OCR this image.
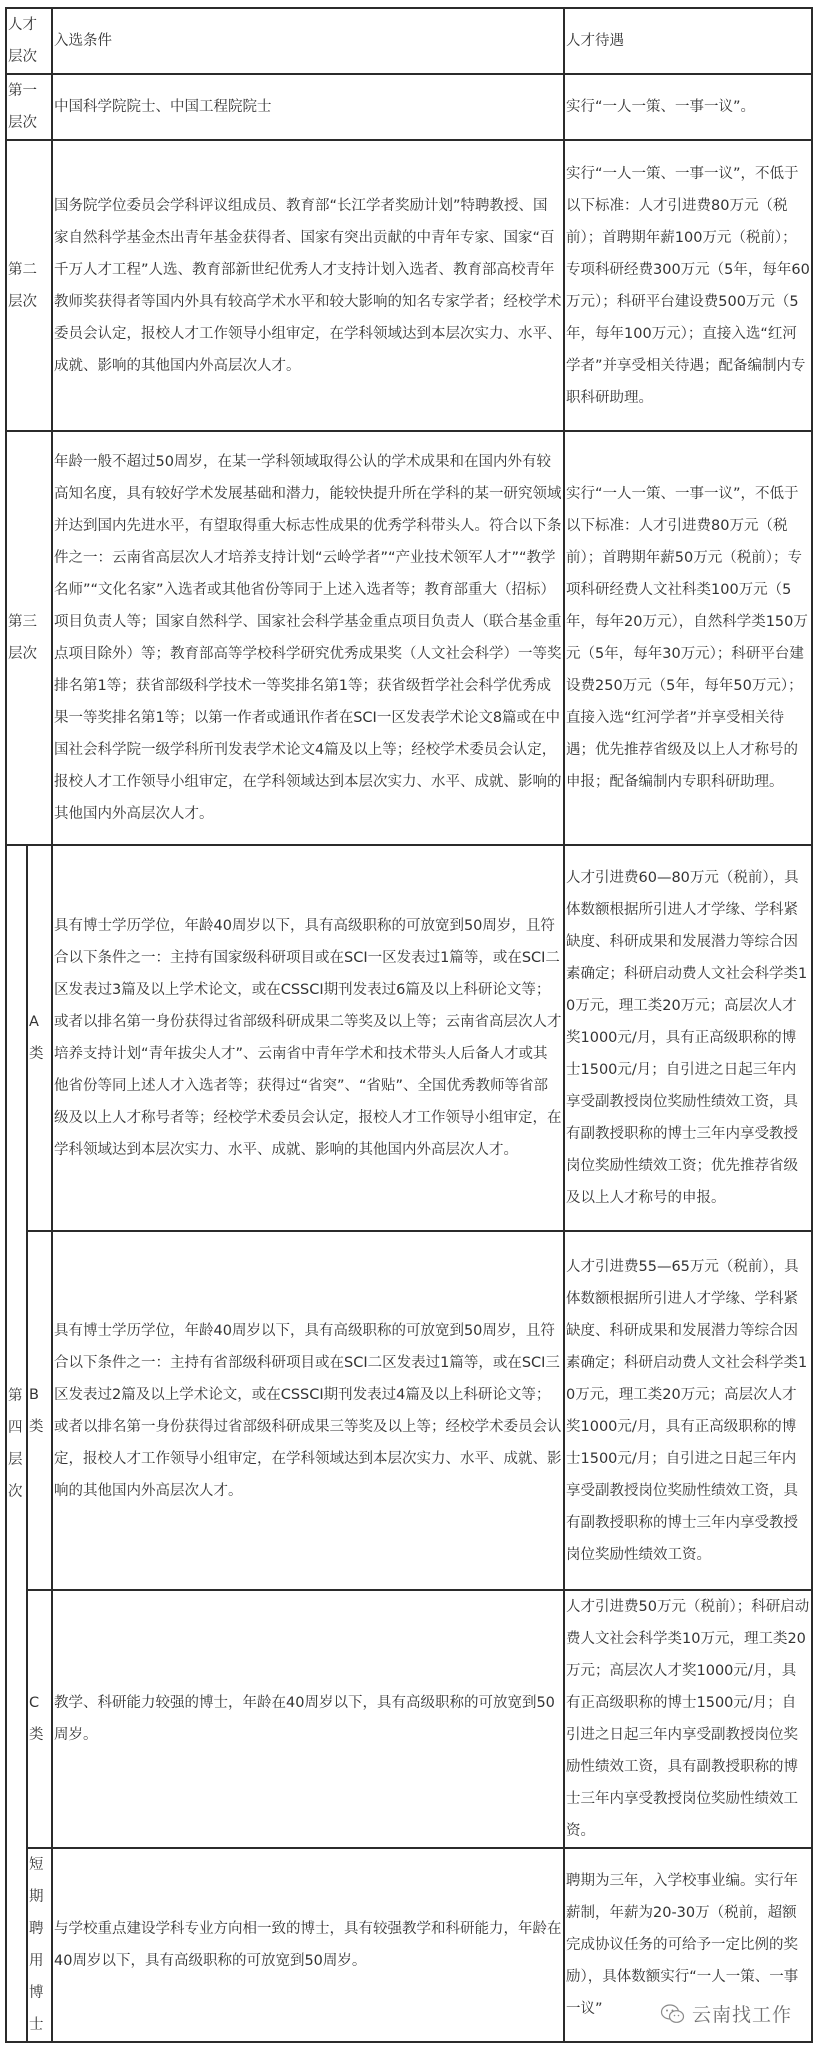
人才层次		入选条件	人才待遇
第一层次		中国科学院院士、中国工程院院士	实行“一人一策、一事一议”。
第二层次		国务院学位委员会学科评议组成员、教育部“长江学者奖励计划”特聘教授、国家自然科学基金杰出青年基金获得者、国家有突出贡献的中青年专家、国家“百千万人才工程”人选、教育部新世纪优秀人才支持计划入选者、教育部高校青年教师奖获得者等国内外具有较高学术水平和较大影响的知名专家学者；经校学术委员会认定，报校人才工作领导小组审定，在学科领域达到本层次实力、水平、成就、影响的其他国内外高层次人才。	实行“一人一策、一事一议”，不低于以下标准：人才引进费80万元（税前）；首聘期年薪100万元（税前）；专项科研经费300万元（5年，每年60万元）；科研平台建设费500万元（5年，每年100万元）；直接入选“红河学者”并享受相关待遇；配备编制内专职科研助理。
第三层次		年龄一般不超过50周岁，在某一学科领域取得公认的学术成果和在国内外有较高知名度，具有较好学术发展基础和潜力，能较快提升所在学科的某一研究领域并达到国内先进水平，有望取得重大标志性成果的优秀学科带头人。符合以下条件之一：云南省高层次人才培养支持计划“云岭学者”“产业技术领军人才”“教学名师”“文化名家”入选者或其他省份等同于上述入选者等；教育部重大（招标）项目负责人等；国家自然科学、国家社会科学基金重点项目负责人（联合基金重点项目除外）等；教育部高等学校科学研究优秀成果奖（人文社会科学）一等奖排名第1等；获省部级科学技术一等奖排名第1等；获省级哲学社会科学优秀成果一等奖排名第1等；以第一作者或通讯作者在SCI一区发表学术论文8篇或在中国社会科学院一级学科所刊发表学术论文4篇及以上等；经校学术委员会认定，报校人才工作领导小组审定，在学科领域达到本层次实力、水平、成就、影响的其他国内外高层次人才。	实行“一人一策、一事一议”，不低于以下标准：人才引进费80万元（税前）；首聘期年薪50万元（税前）；专项科研经费人文社科类100万元（5年，每年20万元），自然科学类150万元（5年，每年30万元）；科研平台建设费250万元（5年，每年50万元）；直接入选“红河学者”并享受相关待遇；优先推荐省级及以上人才称号的申报；配备编制内专职科研助理。

第四层次	A类	具有博士学历学位，年龄40周岁以下，具有高级职称的可放宽到50周岁，且符合以下条件之一：主持有国家级科研项目或在SCI一区发表过1篇等，或在SCI二区发表过3篇及以上学术论文，或在CSSCI期刊发表过6篇及以上科研论文等；或者以排名第一身份获得过省部级科研成果二等奖及以上等；云南省高层次人才培养支持计划“青年拔尖人才”、云南省中青年学术和技术带头人后备人才或其他省份等同上述人才入选者等；获得过“省突”、“省贴”、全国优秀教师等省部级及以上人才称号者等；经校学术委员会认定，报校人才工作领导小组审定，在学科领域达到本层次实力、水平、成就、影响的其他国内外高层次人才。	人才引进费60—80万元（税前），具体数额根据所引进人才学缘、学科紧缺度、科研成果和发展潜力等综合因素确定；科研启动费人文社会科学类10万元，理工类20万元；高层次人才奖1000元/月，具有正高级职称的博士1500元/月；自引进之日起三年内享受副教授岗位奖励性绩效工资，具有副教授职称的博士三年内享受教授岗位奖励性绩效工资；优先推荐省级及以上人才称号的申报。

	B类	具有博士学历学位，年龄40周岁以下，具有高级职称的可放宽到50周岁，且符合以下条件之一：主持有省部级科研项目或在SCI二区发表过1篇等，或在SCI三区发表过2篇及以上学术论文，或在CSSCI期刊发表过4篇及以上科研论文等；或者以排名第一身份获得过省部级科研成果三等奖及以上等；经校学术委员会认定，报校人才工作领导小组审定，在学科领域达到本层次实力、水平、成就、影响的其他国内外高层次人才。	人才引进费55—65万元（税前），具体数额根据所引进人才学缘、学科紧缺度、科研成果和发展潜力等综合因素确定；科研启动费人文社会科学类10万元，理工类20万元；高层次人才奖1000元/月，具有正高级职称的博士1500元/月；自引进之日起三年内享受副教授岗位奖励性绩效工资，具有副教授职称的博士三年内享受教授岗位奖励性绩效工资。

	C类	教学、科研能力较强的博士，年龄在40周岁以下，具有高级职称的可放宽到50周岁。	人才引进费50万元（税前）；科研启动费人文社会科学类10万元，理工类20万元；高层次人才奖1000元/月，具有正高级职称的博士1500元/月；自引进之日起三年内享受副教授岗位奖励性绩效工资，具有副教授职称的博士三年内享受教授岗位奖励性绩效工资。

	短期聘用博士	与学校重点建设学科专业方向相一致的博士，具有较强教学和科研能力，年龄在40周岁以下，具有高级职称的可放宽到50周岁。	聘期为三年，入学校事业编。实行年薪制，年薪为20-30万（税前，超额完成协议任务的可给予一定比例的奖励），具体数额实行“一人一策、一事一议”	云南找工作
